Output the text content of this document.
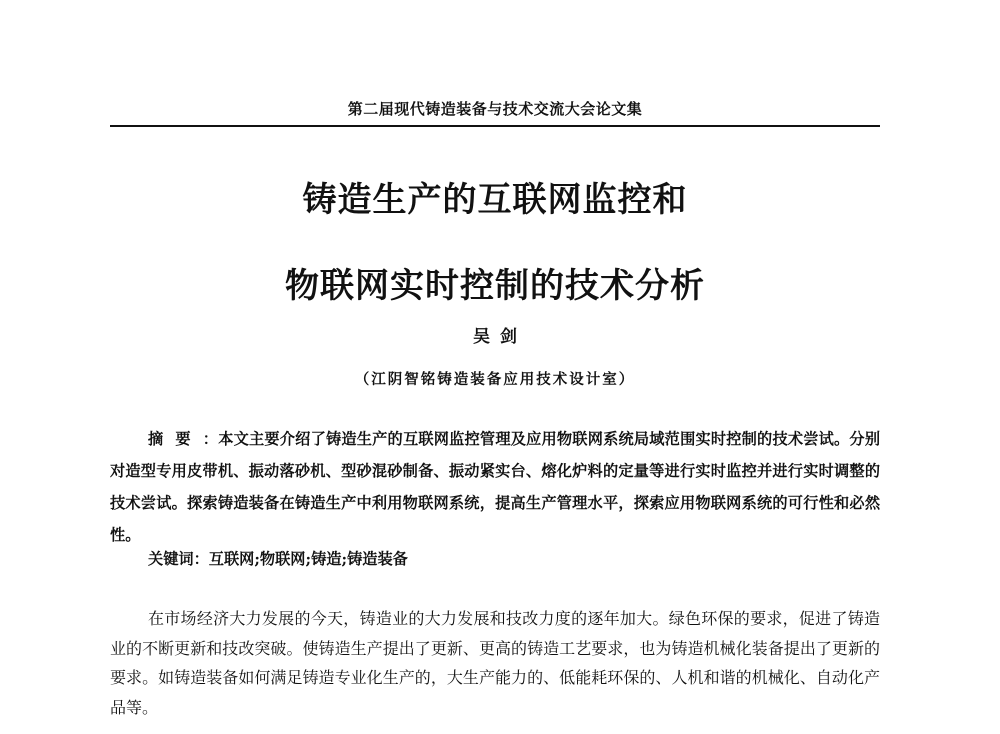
第二届现代铸造装备与技术交流大会论文集
铸造生产的互联网监控和
物联网实时控制的技术分析
吴剑
（江阴智铭铸造装备应用技术设计室）
摘要：本文主要介绍了铸造生产的互联网监控管理及应用物联网系统局域范围实时控制的技术尝试。分别对造型专用皮带机、振动落砂机、型砂混砂制备、振动紧实台、熔化炉料的定量等进行实时监控并进行实时调整的技术尝试。探索铸造装备在铸造生产中利用物联网系统，提高生产管理水平，探索应用物联网系统的可行性和必然性。
关键词：互联网;物联网;铸造;铸造装备
在市场经济大力发展的今天，铸造业的大力发展和技改力度的逐年加大。绿色环保的要求，促进了铸造业的不断更新和技改突破。使铸造生产提出了更新、更高的铸造工艺要求，也为铸造机械化装备提出了更新的要求。如铸造装备如何满足铸造专业化生产的，大生产能力的、低能耗环保的、人机和谐的机械化、自动化产品等。
